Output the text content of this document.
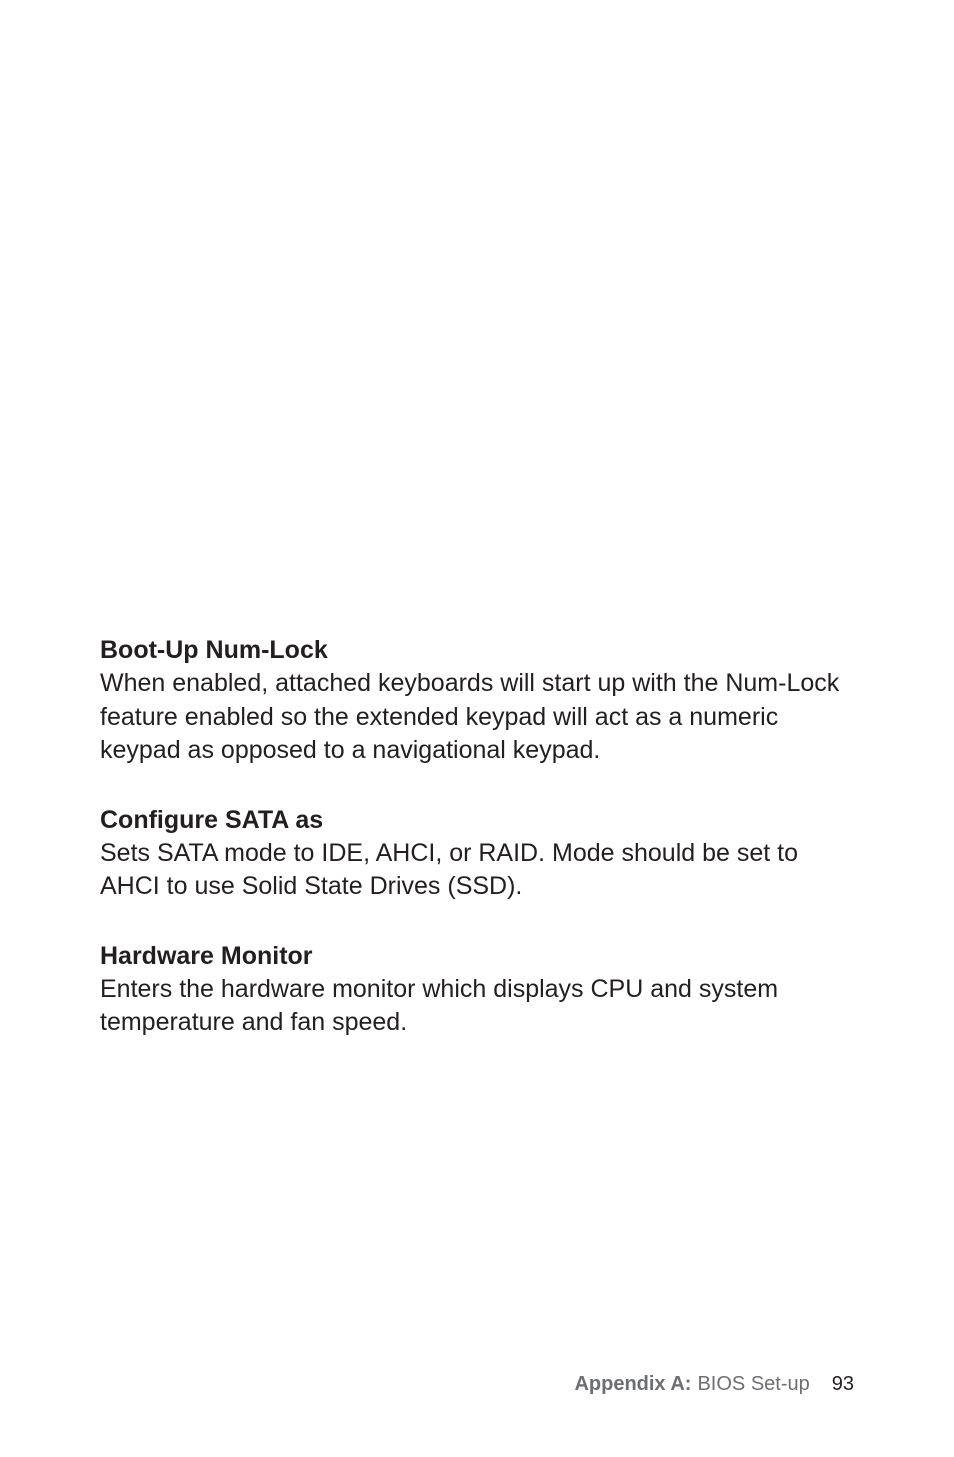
Boot-Up Num-Lock

When enabled, attached keyboards will start up with the Num-Lock feature enabled so the extended keypad will act as a numeric keypad as opposed to a navigational keypad.

Configure SATA as

Sets SATA mode to IDE, AHCI, or RAID. Mode should be set to AHCI to use Solid State Drives (SSD).

Hardware Monitor

Enters the hardware monitor which displays CPU and system temperature and fan speed.

Appendix A: BIOS Set-up 93
